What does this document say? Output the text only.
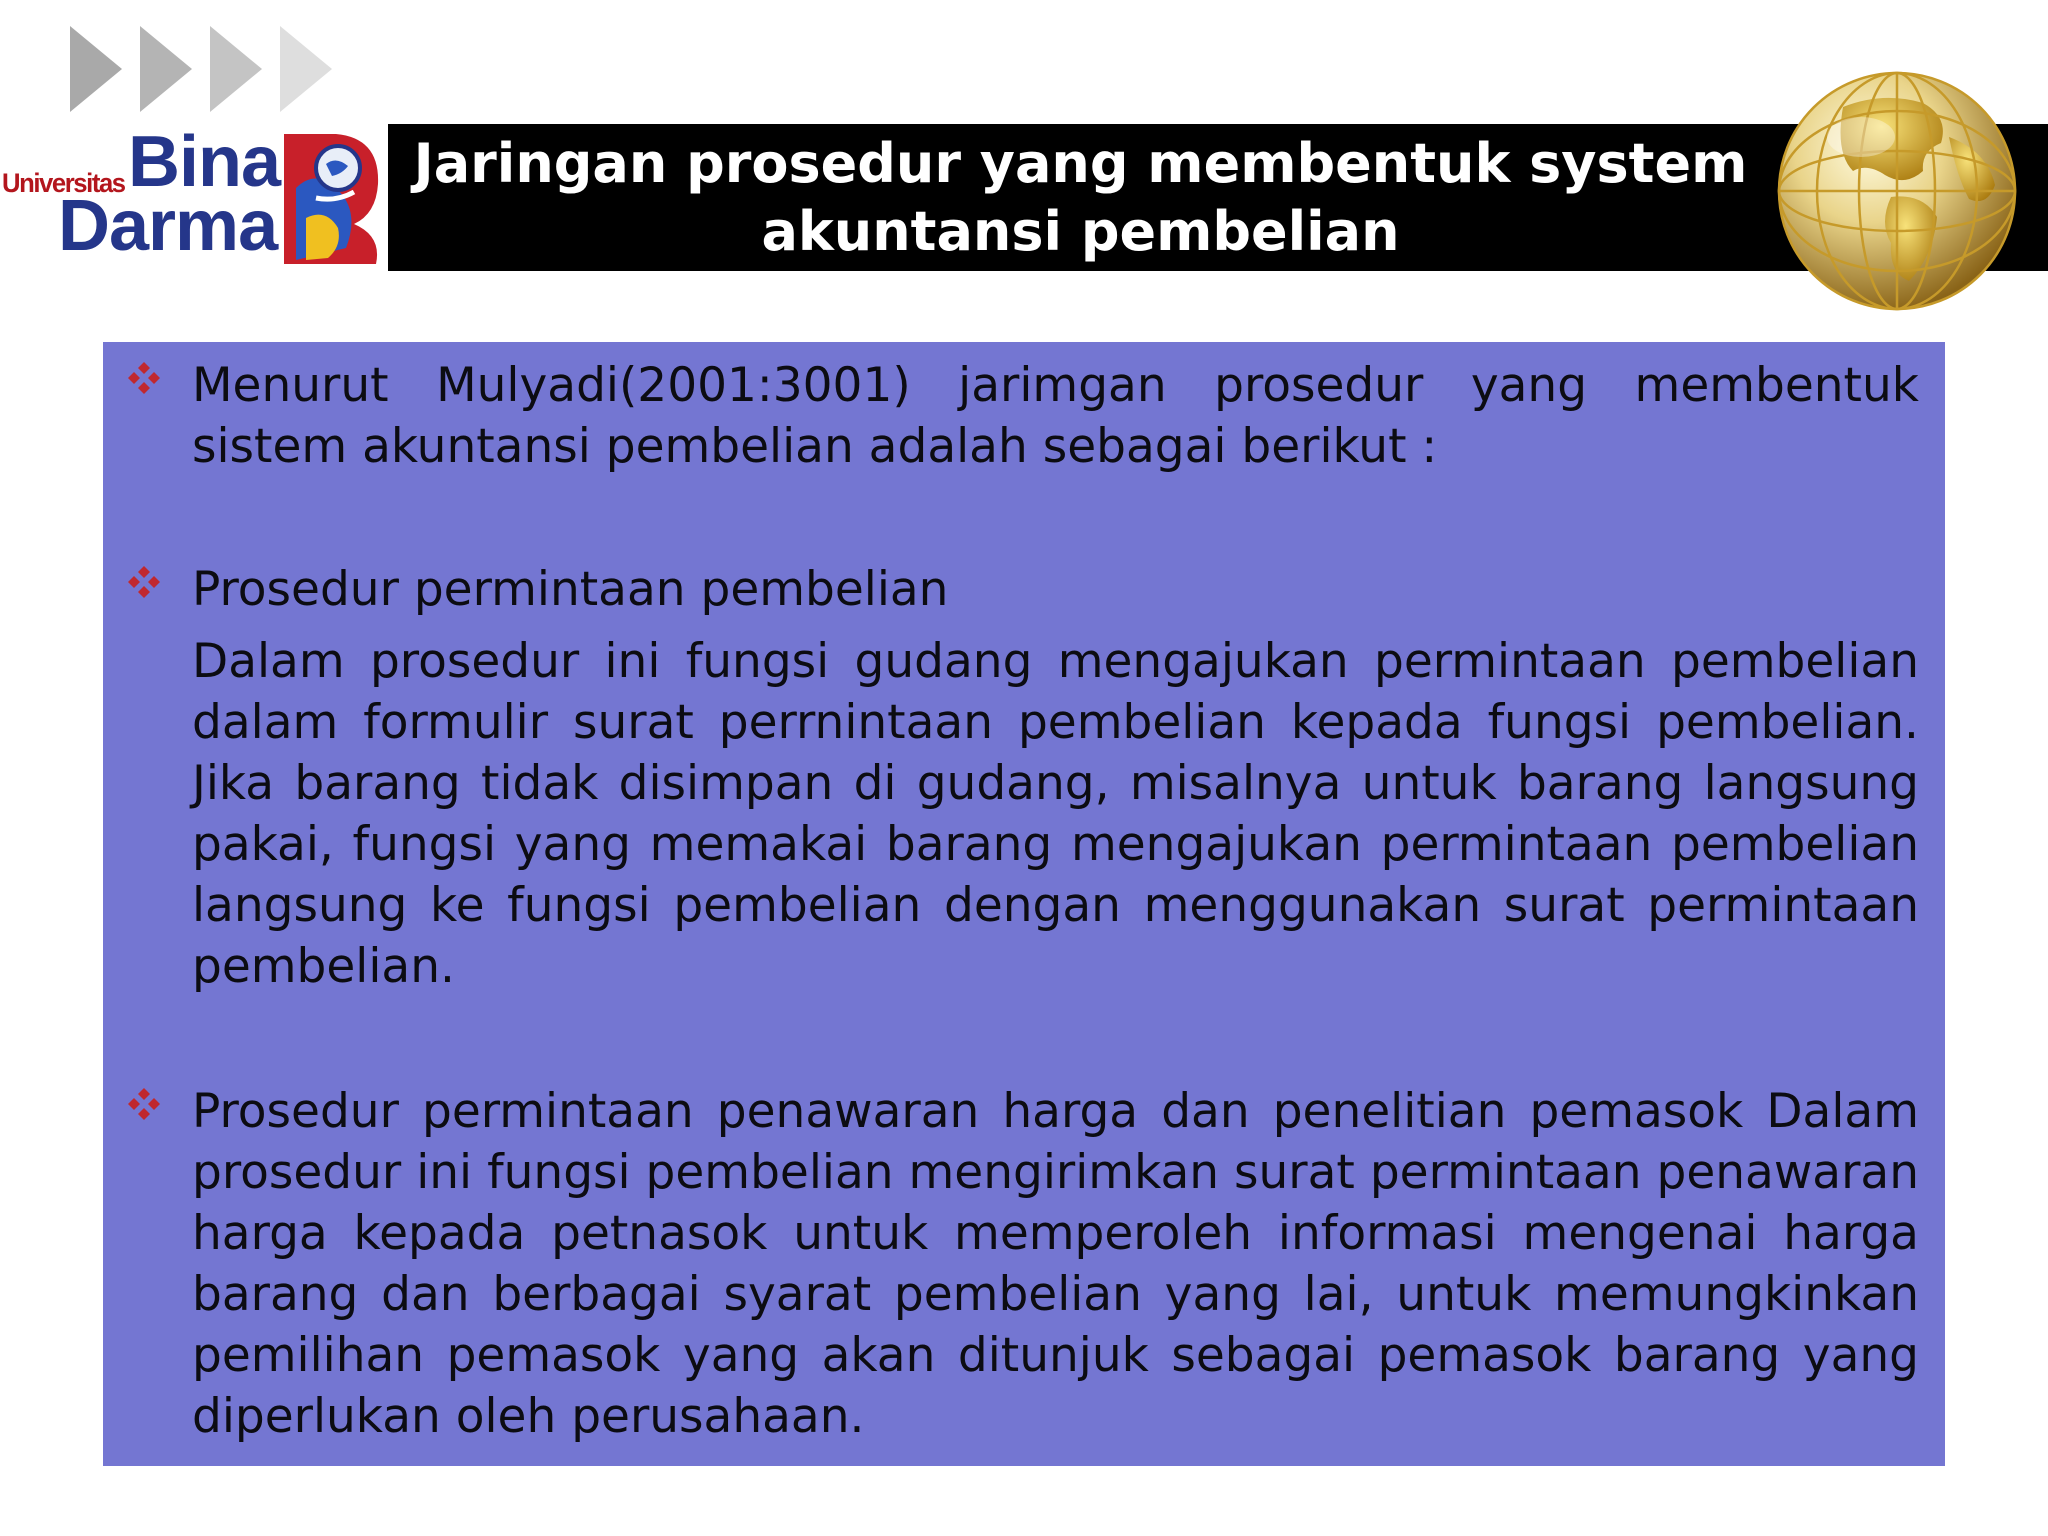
Universitas Bina
Darma
Jaringan prosedur yang membentuk system
akuntansi pembelian
Menurut Mulyadi(2001:3001) jarimgan prosedur yang membentuk sistem akuntansi pembelian adalah sebagai berikut :
Prosedur permintaan pembelian
Dalam prosedur ini fungsi gudang mengajukan permintaan pembelian dalam formulir surat perrnintaan pembelian kepada fungsi pembelian. Jika barang tidak disimpan di gudang, misalnya untuk barang langsung pakai, fungsi yang memakai barang mengajukan permintaan pembelian langsung ke fungsi pembelian dengan menggunakan surat permintaan pembelian.
Prosedur permintaan penawaran harga dan penelitian pemasok Dalam prosedur ini fungsi pembelian mengirimkan surat permintaan penawaran harga kepada petnasok untuk memperoleh informasi mengenai harga barang dan berbagai syarat pembelian yang lai, untuk memungkinkan pemilihan pemasok yang akan ditunjuk sebagai pemasok barang yang diperlukan oleh perusahaan.
